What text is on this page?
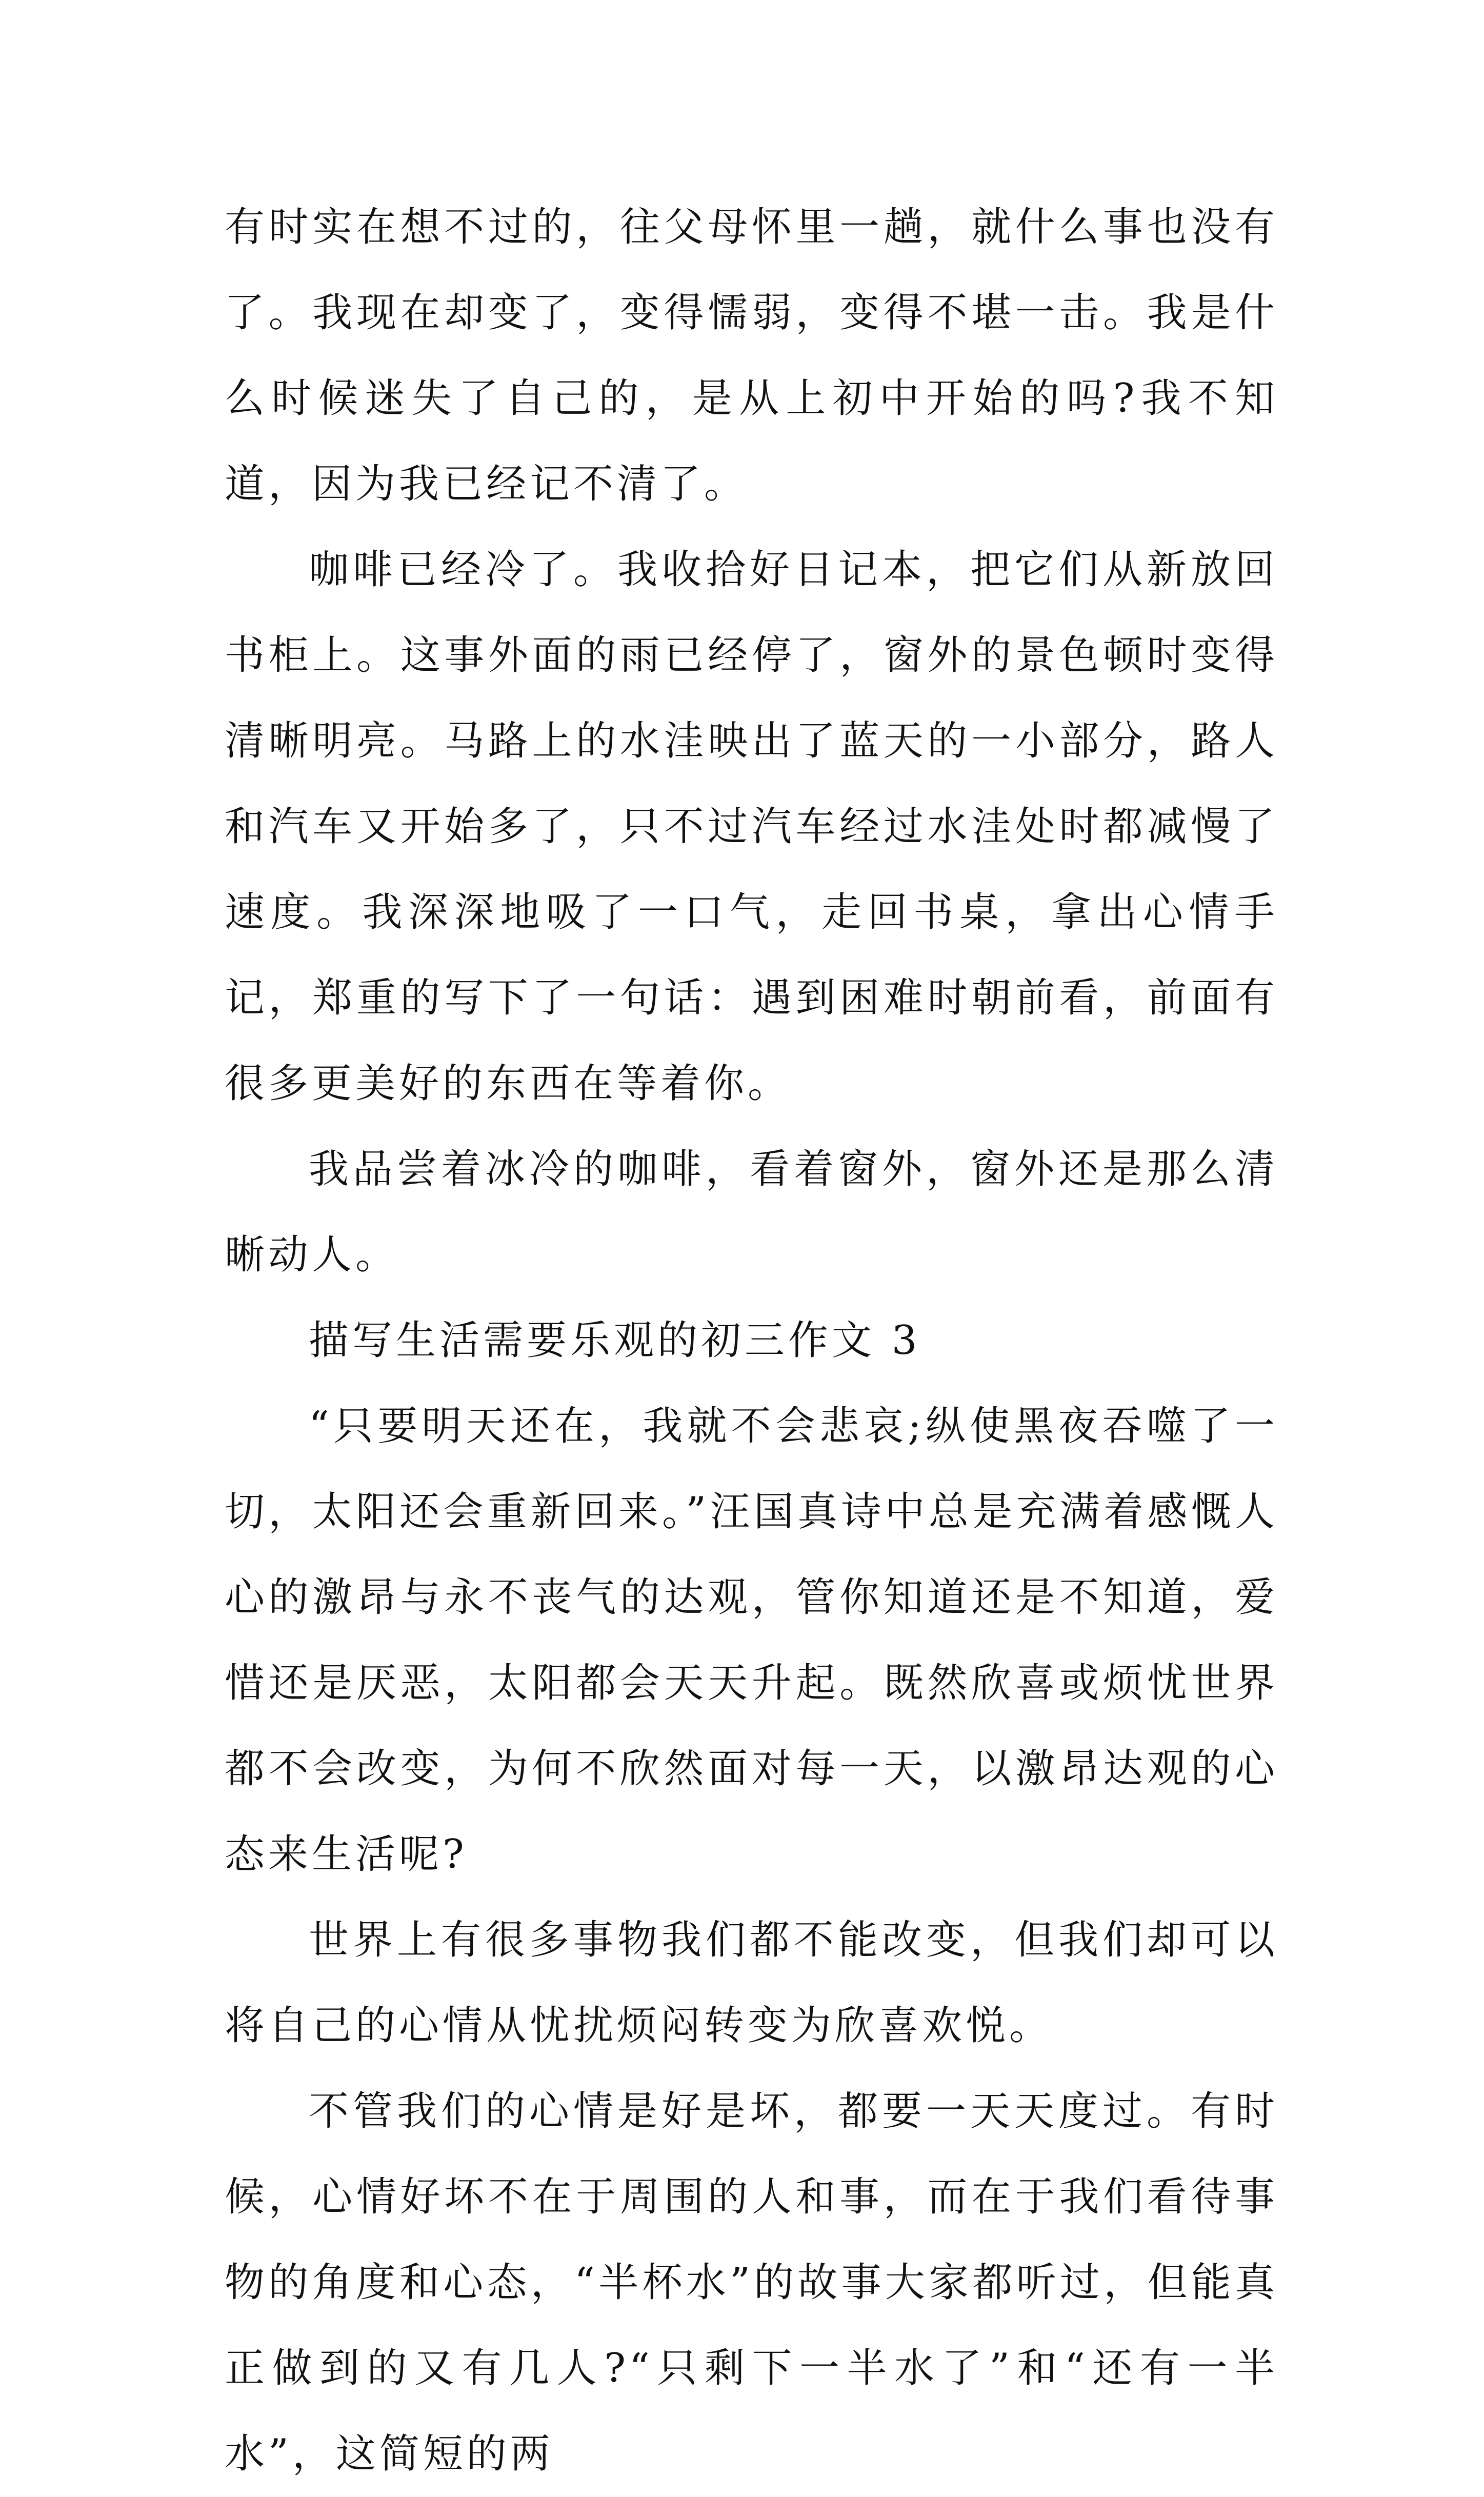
有时实在想不过的，往父母怀里一趟，就什么事也没有了。我现在却变了，变得懦弱，变得不堪一击。我是什么时候迷失了自己的，是从上初中开始的吗?我不知道，因为我已经记不清了。

咖啡已经冷了。我收拾好日记本，把它们从新放回书柜上。这事外面的雨已经停了，窗外的景色顿时变得清晰明亮。马路上的水洼映出了蓝天的一小部分，路人和汽车又开始多了，只不过汽车经过水洼处时都减慢了速度。我深深地吸了一口气，走回书桌，拿出心情手记，郑重的写下了一句话：遇到困难时朝前看，前面有很多更美好的东西在等着你。

我品尝着冰冷的咖啡，看着窗外，窗外还是那么清晰动人。

描写生活需要乐观的初三作文 3

“只要明天还在，我就不会悲哀;纵使黑夜吞噬了一切，太阳还会重新回来。”汪国真诗中总是充满着感慨人心的激昂与永不丧气的达观，管你知道还是不知道，爱惜还是厌恶，太阳都会天天升起。既然欣喜或烦忧世界都不会改变，为何不欣然面对每一天，以激昂达观的心态来生活呢?

世界上有很多事物我们都不能改变，但我们却可以将自己的心情从忧扰烦闷转变为欣喜欢悦。

不管我们的心情是好是坏，都要一天天度过。有时候，心情好坏不在于周围的人和事，而在于我们看待事物的角度和心态，“半杯水”的故事大家都听过，但能真正做到的又有几人?“只剩下一半水了”和“还有一半水”，这简短的两
